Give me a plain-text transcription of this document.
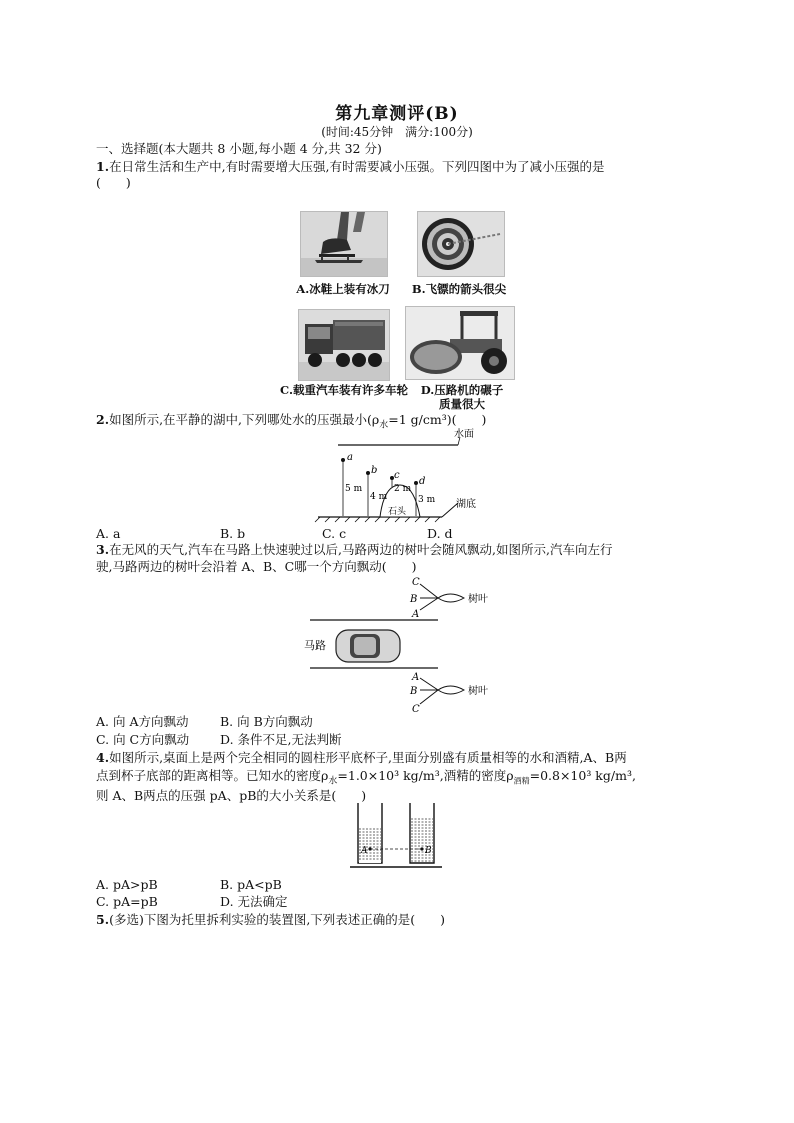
第九章测评(B)
(时间:45分钟　满分:100分)
一、选择题(本大题共 8 小题,每小题 4 分,共 32 分)
1.在日常生活和生产中,有时需要增大压强,有时需要减小压强。下列四图中为了减小压强的是
(　　)
A.冰鞋上装有冰刀	B.飞镖的箭头很尖
C.载重汽车装有许多车轮	D.压路机的碾子
质量很大
2.如图所示,在平静的湖中,下列哪处水的压强最小($\rho_水=1$ g/cm³)(　　)
水面
湖底
石头
a
5 m
b
4 m
c
2 m
d
3 m
A. a	B. b	C. c	D. d
3.在无风的天气,汽车在马路上快速驶过以后,马路两边的树叶会随风飘动,如图所示,汽车向左行
驶,马路两边的树叶会沿着 A、B、C哪一个方向飘动(　　)
C
B
A
树叶
马路
A
B
C
树叶
A. 向 A方向飘动	B. 向 B方向飘动
C. 向 C方向飘动 D. 条件不足,无法判断
4.如图所示,桌面上是两个完全相同的圆柱形平底杯子,里面分别盛有质量相等的水和酒精,A、B两
点到杯子底部的距离相等。已知水的密度$\rho_水=1.0\times 10^3$ kg/m³,酒精的密度$\rho_{酒精}=0.8\times 10^3$ kg/m³,
则 A、B两点的压强 pA、pB的大小关系是(　　)
A	B
A. pA>pB	B. pA<pB
C. pA=pB	D. 无法确定
5.(多选)下图为托里拆利实验的装置图,下列表述正确的是(　　)
